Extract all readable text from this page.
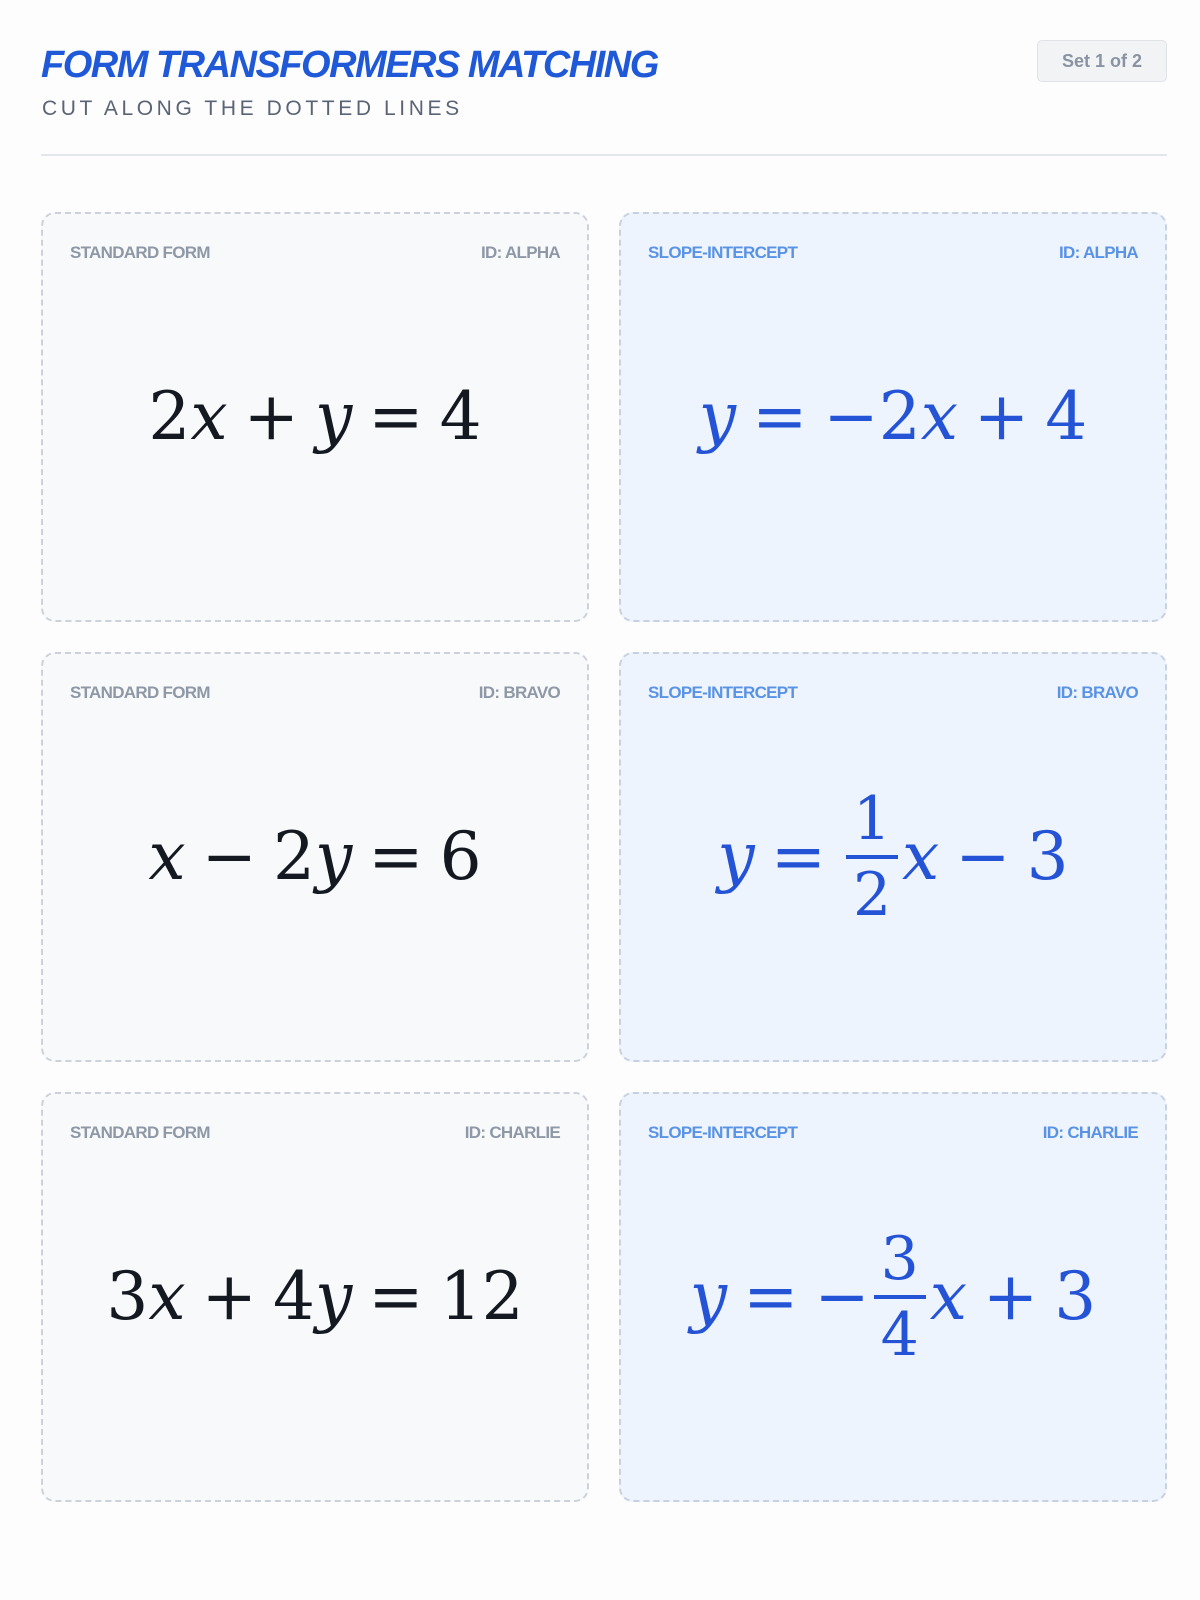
FORM TRANSFORMERS MATCHING
CUT ALONG THE DOTTED LINES
Set 1 of 2
STANDARD FORM	ID: ALPHA
2 x + y = 4
SLOPE-INTERCEPT	ID: ALPHA
y = − 2 x + 4
STANDARD FORM	ID: BRAVO
x − 2 y = 6
SLOPE-INTERCEPT	ID: BRAVO
$y = \frac{1}{2}$ x − 3
STANDARD FORM	ID: CHARLIE
3 x + 4 y = 12
SLOPE-INTERCEPT	ID: CHARLIE
y = − $\frac{3}{4}$ x + 3
